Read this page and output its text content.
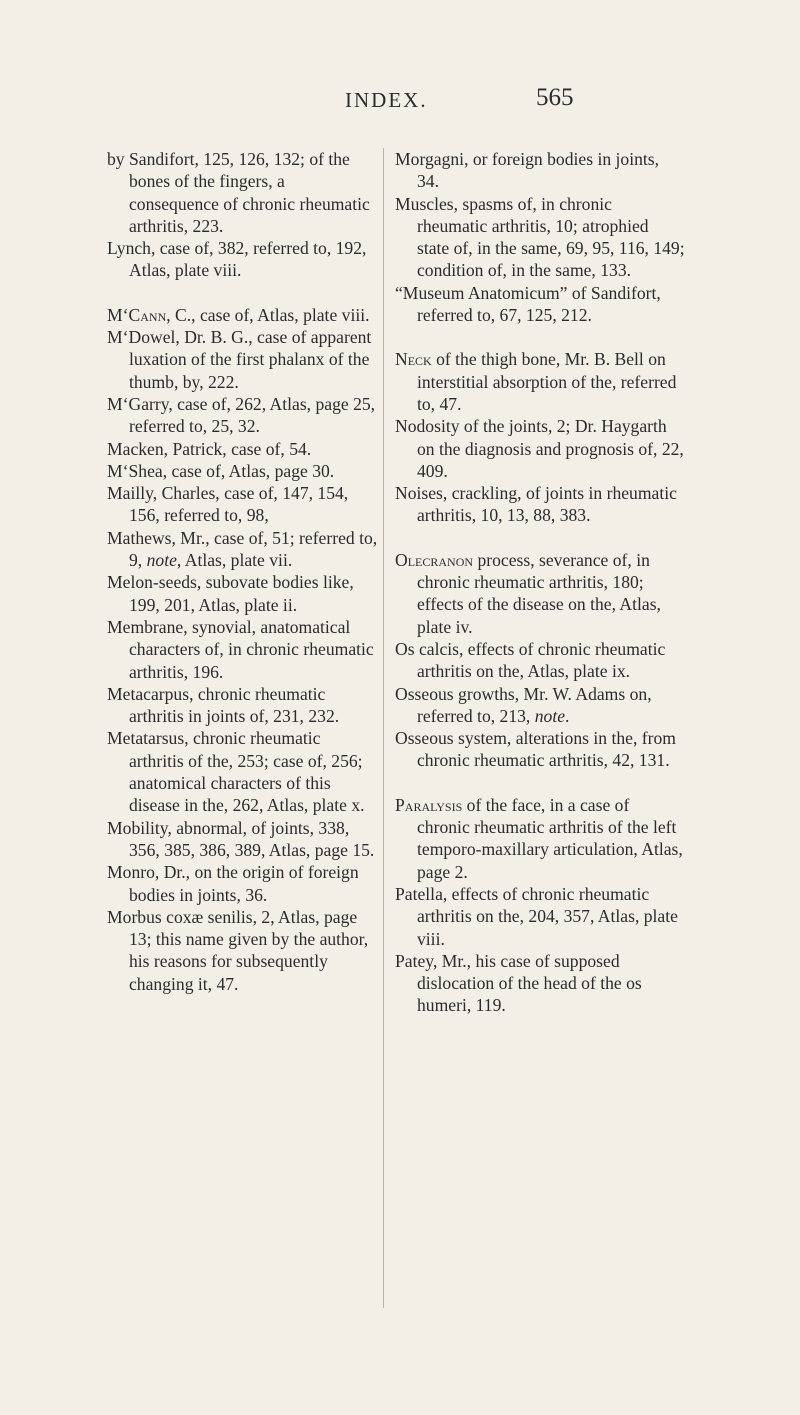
INDEX.	565

by Sandifort, 125, 126, 132; of the bones of the fingers, a consequence of chronic rheumatic arthritis, 223.

Lynch, case of, 382, referred to, 192, Atlas, plate viii.

M‘Cann, C., case of, Atlas, plate viii.

M‘Dowel, Dr. B. G., case of apparent luxation of the first phalanx of the thumb, by, 222.

M‘Garry, case of, 262, Atlas, page 25, referred to, 25, 32.

Macken, Patrick, case of, 54.

M‘Shea, case of, Atlas, page 30.

Mailly, Charles, case of, 147, 154, 156, referred to, 98,

Mathews, Mr., case of, 51; referred to, 9, note, Atlas, plate vii.

Melon-seeds, subovate bodies like, 199, 201, Atlas, plate ii.

Membrane, synovial, anatomatical characters of, in chronic rheumatic arthritis, 196.

Metacarpus, chronic rheumatic arthritis in joints of, 231, 232.

Metatarsus, chronic rheumatic arthritis of the, 253; case of, 256; anatomical characters of this disease in the, 262, Atlas, plate x.

Mobility, abnormal, of joints, 338, 356, 385, 386, 389, Atlas, page 15.

Monro, Dr., on the origin of foreign bodies in joints, 36.

Morbus coxæ senilis, 2, Atlas, page 13; this name given by the author, his reasons for subsequently changing it, 47.

Morgagni, or foreign bodies in joints, 34.

Muscles, spasms of, in chronic rheumatic arthritis, 10; atrophied state of, in the same, 69, 95, 116, 149; condition of, in the same, 133.

“Museum Anatomicum” of Sandifort, referred to, 67, 125, 212.

Neck of the thigh bone, Mr. B. Bell on interstitial absorption of the, referred to, 47.

Nodosity of the joints, 2; Dr. Haygarth on the diagnosis and prognosis of, 22, 409.

Noises, crackling, of joints in rheumatic arthritis, 10, 13, 88, 383.

Olecranon process, severance of, in chronic rheumatic arthritis, 180; effects of the disease on the, Atlas, plate iv.

Os calcis, effects of chronic rheumatic arthritis on the, Atlas, plate ix.

Osseous growths, Mr. W. Adams on, referred to, 213, note.

Osseous system, alterations in the, from chronic rheumatic arthritis, 42, 131.

Paralysis of the face, in a case of chronic rheumatic arthritis of the left temporo-maxillary articulation, Atlas, page 2.

Patella, effects of chronic rheumatic arthritis on the, 204, 357, Atlas, plate viii.

Patey, Mr., his case of supposed dislocation of the head of the os humeri, 119.
